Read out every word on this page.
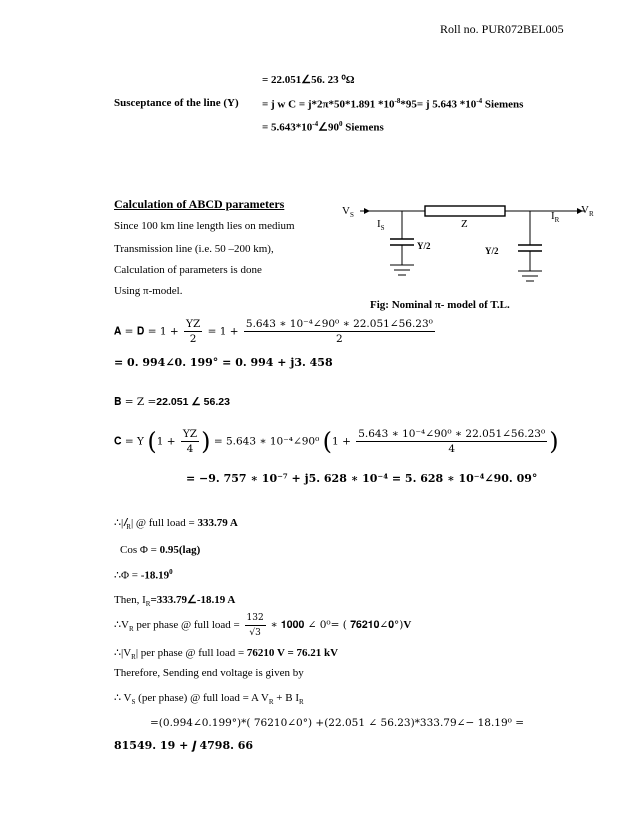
Roll no. PUR072BEL005
= 22.051∠56. 23 ⁰Ω
Susceptance of the line (Y) = j w C = j*2π*50*1.891 $*10^{-8}*95= j$ 5.643 $*10^{-4}$ Siemens
= $5.643*10^{-4}\angle 90^0$ Siemens
Calculation of ABCD parameters
Since 100 km line length lies on medium
Transmission line (i.e. 50 –200 km),
Calculation of parameters is done
Using π-model.
$V_S$
$I_S$	Z
$I_R$
$V_R$
Y/2	Y/2
Fig: Nominal π- model of T.L.
𝐀 = 𝐃 = $1 + \frac{YZ}{2} = 1 + \frac{\text{5.643 ∗ 10⁻⁴∠90⁰ ∗ 22.051∠56.23⁰}}{2}$
= 𝟎. 𝟗𝟗𝟒∠𝟎. 𝟏𝟗𝟗° = 𝟎. 𝟗𝟗𝟒 + 𝐣𝟑. 𝟒𝟓𝟖
𝐁 = Z =22.051 ∠ 56.23
𝐂 = Y ($1 + \frac{YZ}{4}$ ) = 5.643 ∗ 10⁻⁴∠90⁰ ($1 + \frac{\text{5.643 ∗ 10⁻⁴∠90⁰ ∗ 22.051∠56.23⁰}}{4}$ )
= −𝟗. 𝟕𝟓𝟕 ∗ 𝟏𝟎⁻⁷ + 𝐣𝟓. 𝟔𝟐𝟖 ∗ 𝟏𝟎⁻⁴ = 𝟓. 𝟔𝟐𝟖 ∗ 𝟏𝟎⁻⁴∠𝟗𝟎. 𝟎𝟗°
∴|𝐼$_R$| @ full load = 333.79 A
Cos Φ = 0.95(lag)
∴Φ = $-18.19^0$
Then, $I_R=333.79\angle-18.19$ A
$\therefore V_R$ per phase @ full load = $\frac{132}{√3}$ ∗ 𝟏𝟎𝟎𝟎 ∠ 0⁰= ( 𝟕𝟔𝟐𝟏𝟎∠𝟎°)V
$\therefore|V_R|$ per phase @ full load = 76210 V = 76.21 kV
Therefore, Sending end voltage is given by
∴ $V_S$ (per phase) @ full load = A $V_R + B$ $I_R$
=(0.994∠0.199°)*( 76210∠0°) +(22.051 ∠ 56.23)*333.79∠− 18.19⁰ =
𝟖𝟏𝟓𝟒𝟗. 𝟏𝟗 + 𝒋 𝟒𝟕𝟗𝟖. 𝟔𝟔
